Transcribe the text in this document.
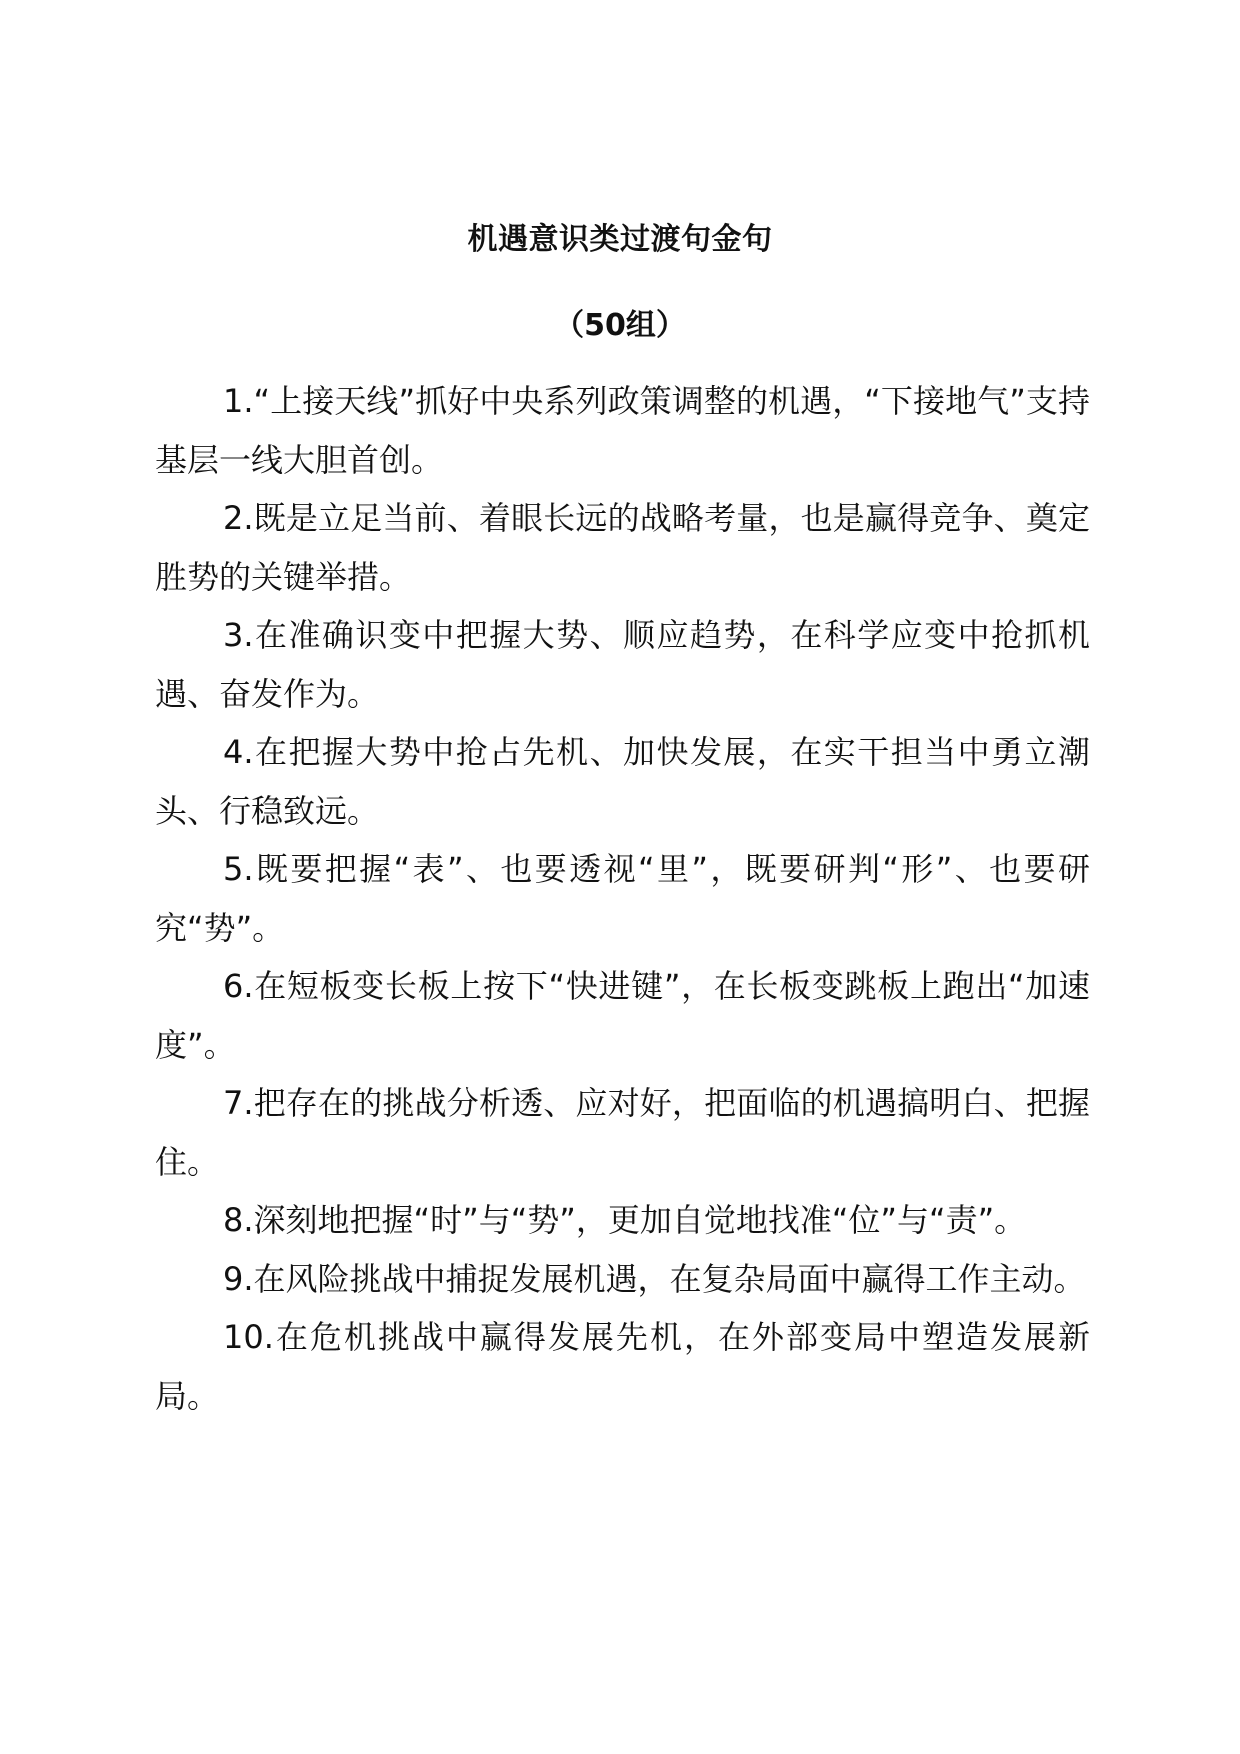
机遇意识类过渡句金句
（50组）

1.“上接天线”抓好中央系列政策调整的机遇，“下接地气”支持基层一线大胆首创。

2.既是立足当前、着眼长远的战略考量，也是赢得竞争、奠定胜势的关键举措。

3.在准确识变中把握大势、顺应趋势，在科学应变中抢抓机遇、奋发作为。

4.在把握大势中抢占先机、加快发展，在实干担当中勇立潮头、行稳致远。

5.既要把握“表”、也要透视“里”，既要研判“形”、也要研究“势”。

6.在短板变长板上按下“快进键”，在长板变跳板上跑出“加速度”。

7.把存在的挑战分析透、应对好，把面临的机遇搞明白、把握住。

8.深刻地把握“时”与“势”，更加自觉地找准“位”与“责”。

9.在风险挑战中捕捉发展机遇，在复杂局面中赢得工作主动。

10.在危机挑战中赢得发展先机，在外部变局中塑造发展新局。
